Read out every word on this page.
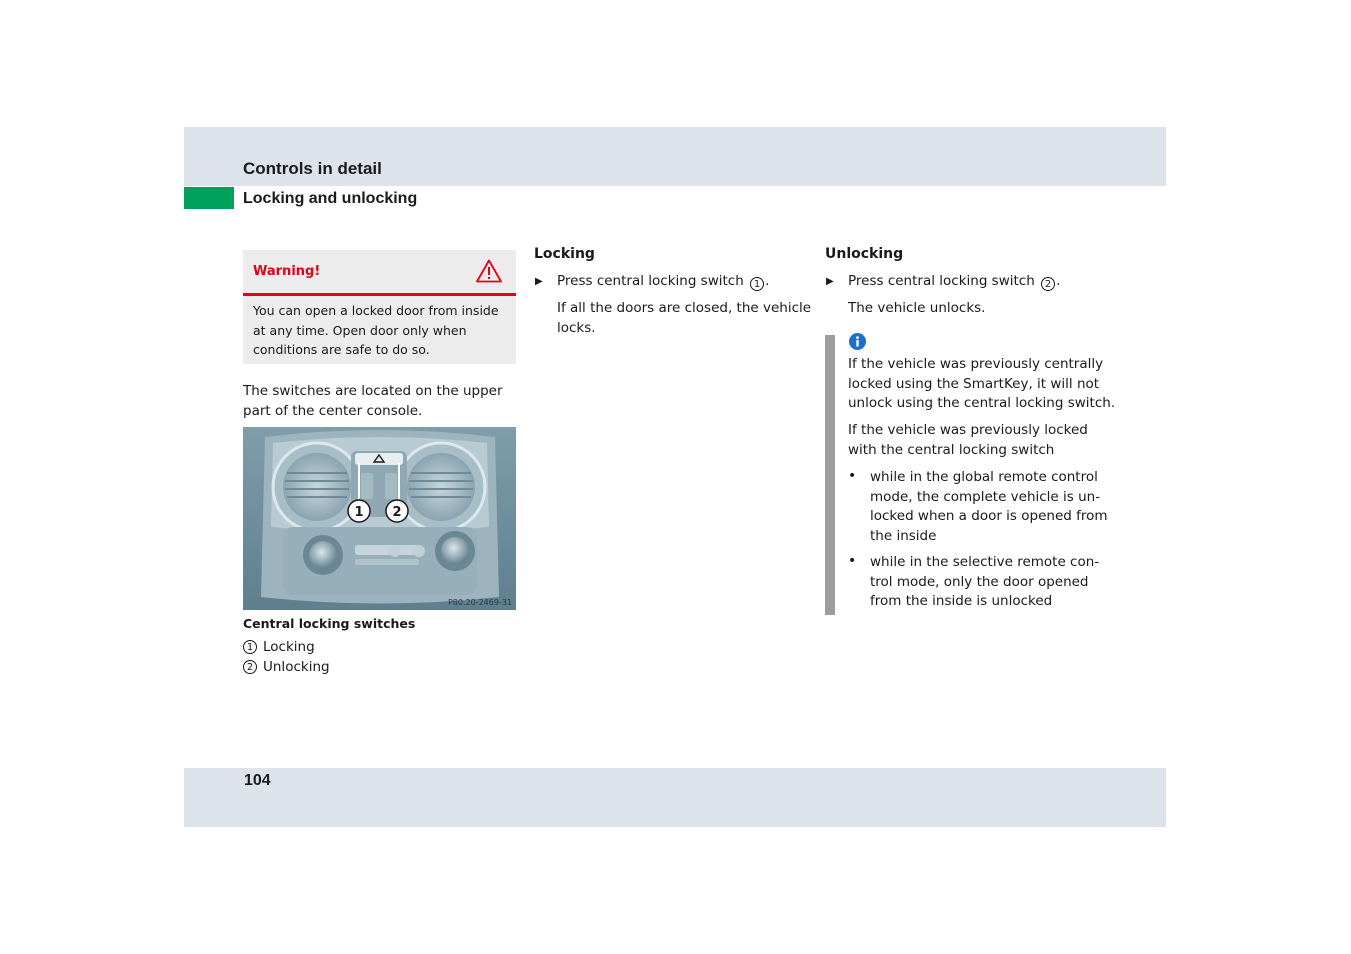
Controls in detail
Locking and unlocking
Warning!
You can open a locked door from inside at any time. Open door only when conditions are safe to do so.
The switches are located on the upper part of the center console.
1 2
P80.20-2469-31
Central locking switches
1 Locking
2 Unlocking
Locking
▶ Press central locking switch 1 .
If all the doors are closed, the vehicle
locks.
Unlocking
▶ Press central locking switch 2 .
The vehicle unlocks.
If the vehicle was previously centrally
locked using the SmartKey, it will not
unlock using the central locking switch.
If the vehicle was previously locked
with the central locking switch
• while in the global remote control
mode, the complete vehicle is un-
locked when a door is opened from
the inside
• while in the selective remote con-
trol mode, only the door opened
from the inside is unlocked
104
